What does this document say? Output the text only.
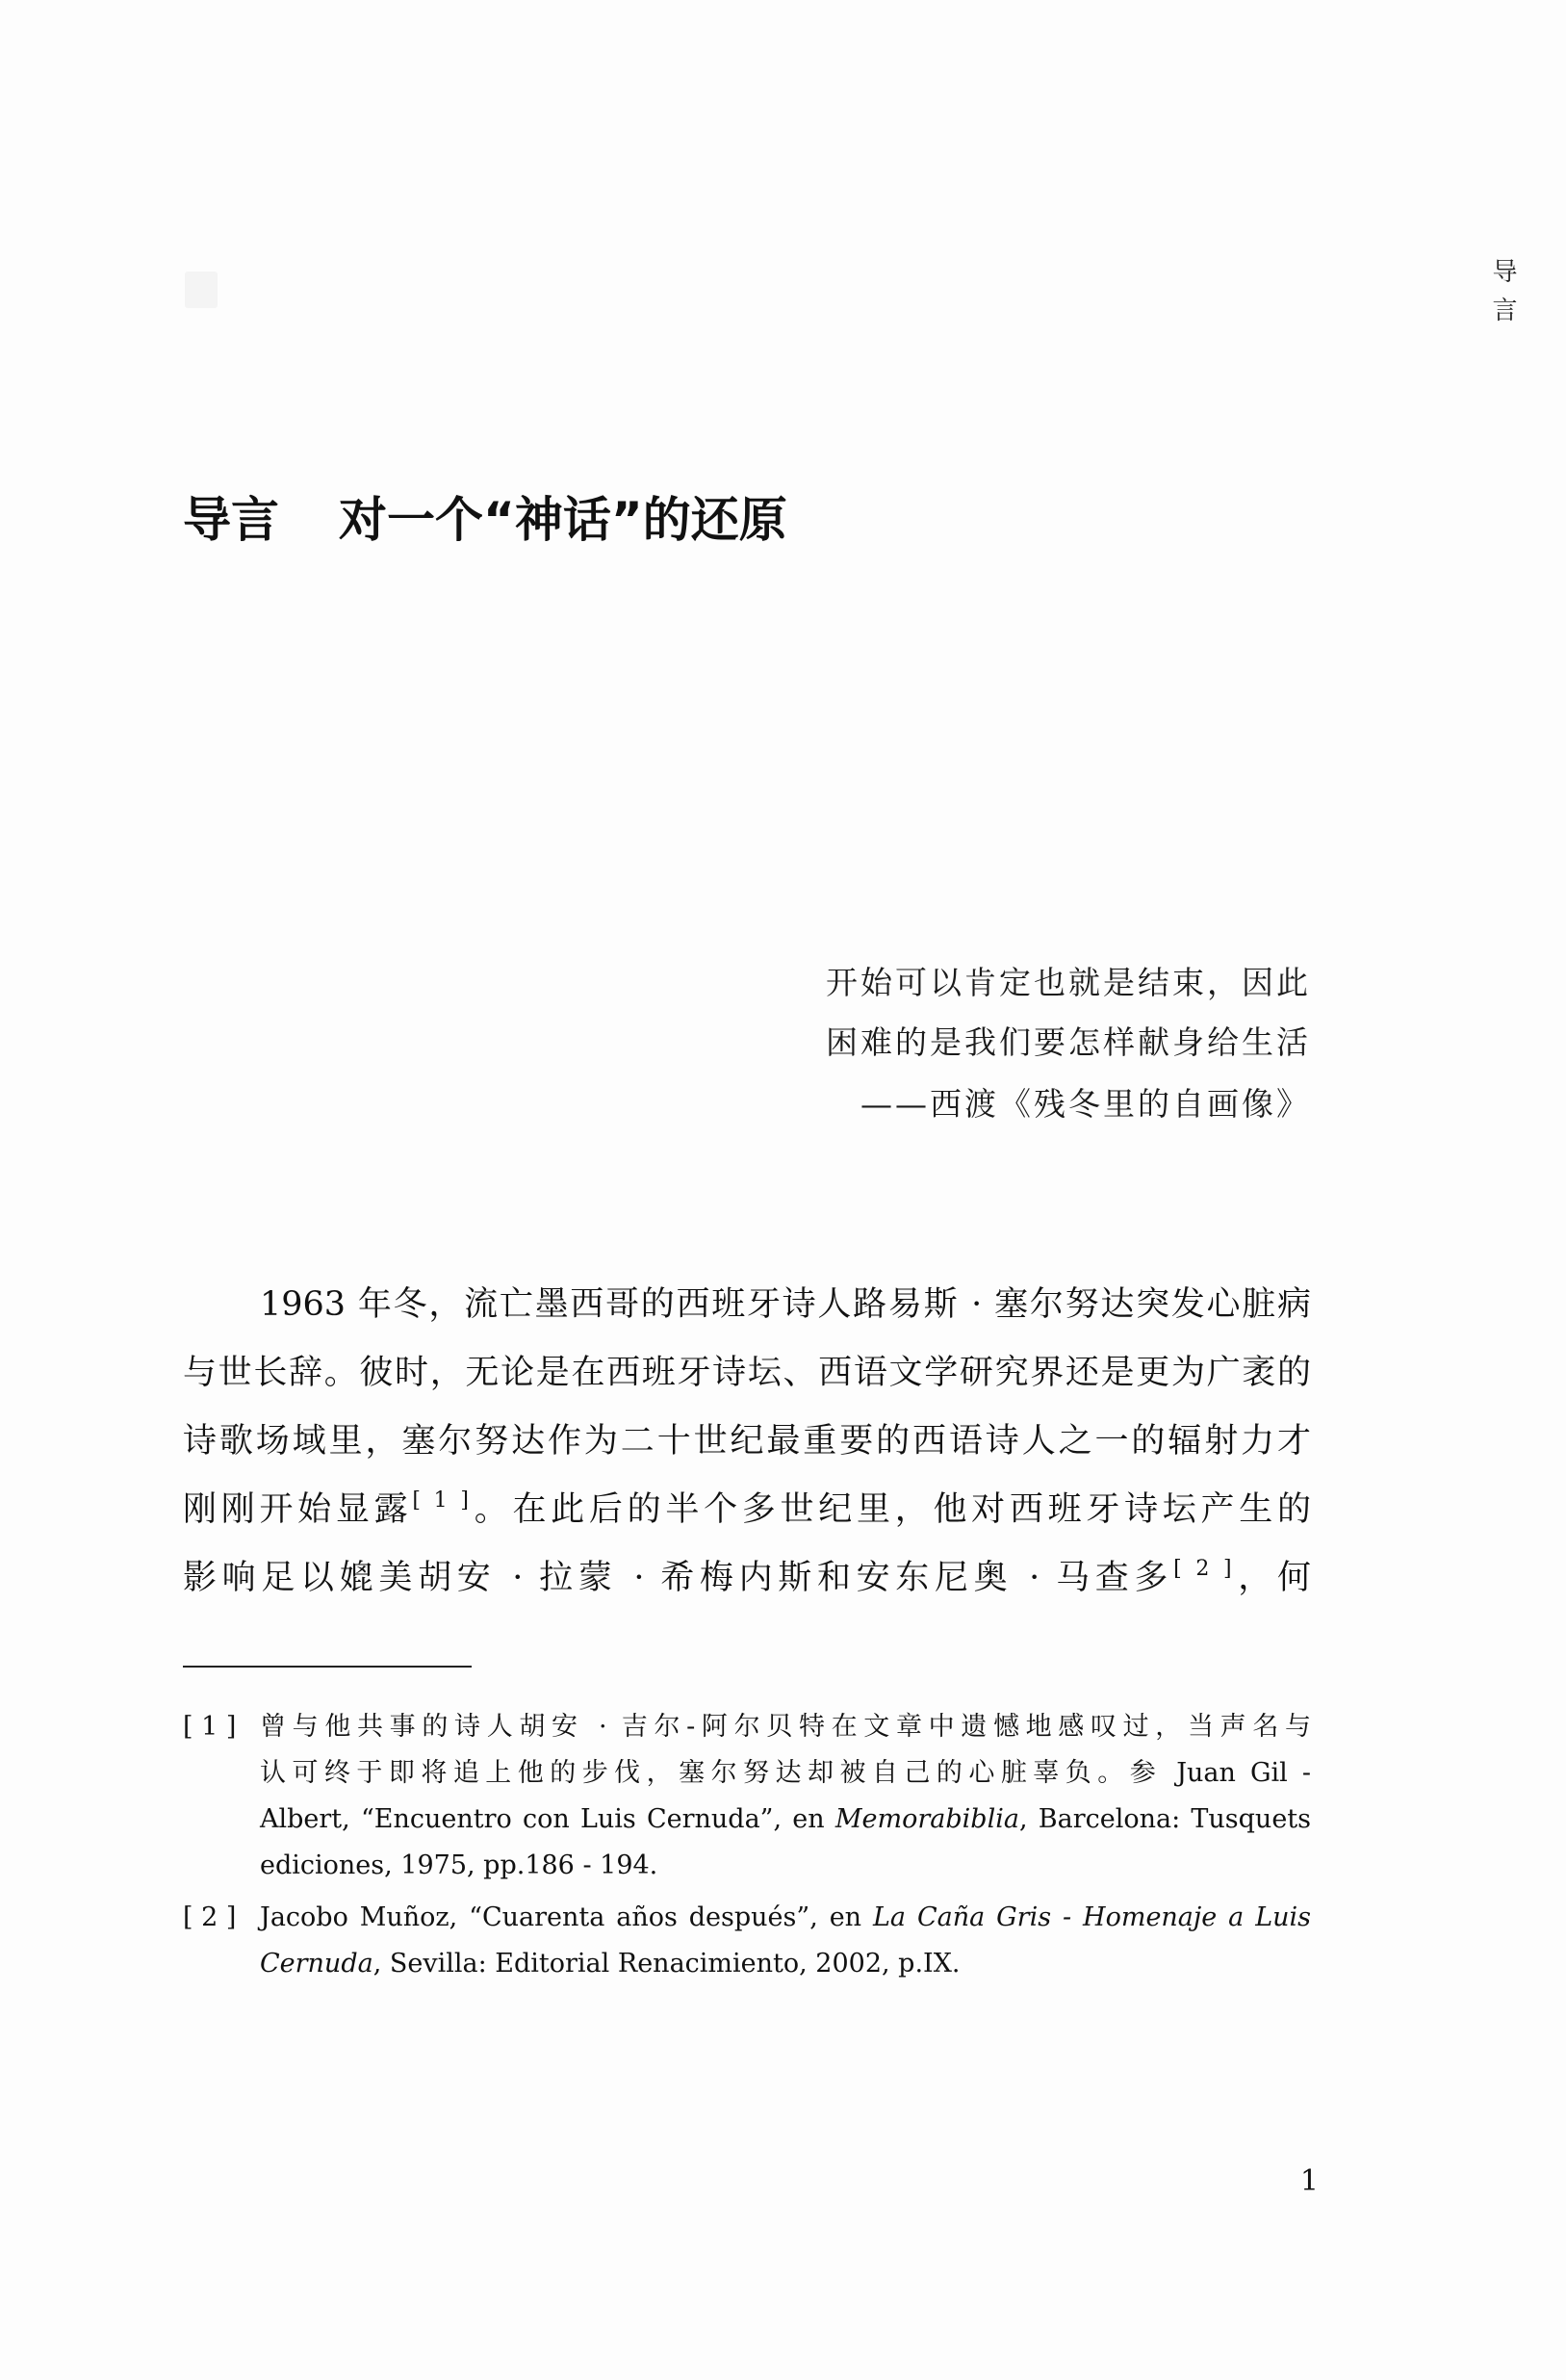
导言
导言 对一个“神话”的还原
开始可以肯定也就是结束，因此
困难的是我们要怎样献身给生活
——西渡《残冬里的自画像》
1963 年冬，流亡墨西哥的西班牙诗人路易斯 · 塞尔努达突发心脏病
与世长辞。彼时，无论是在西班牙诗坛、西语文学研究界还是更为广袤的
诗歌场域里，塞尔努达作为二十世纪最重要的西语诗人之一的辐射力才
刚刚开始显露[ 1 ]。在此后的半个多世纪里，他对西班牙诗坛产生的
影响足以媲美胡安 · 拉蒙 · 希梅内斯和安东尼奥 · 马查多[ 2 ]，何
[ 1 ] 曾与他共事的诗人胡安 · 吉尔-阿尔贝特在文章中遗憾地感叹过，当声名与
认可终于即将追上他的步伐，塞尔努达却被自己的心脏辜负。参 Juan Gil -
Albert, “Encuentro con Luis Cernuda”, en Memorabiblia, Barcelona: Tusquets
ediciones, 1975, pp.186 - 194.
[ 2 ] Jacobo Muñoz, “Cuarenta años después”, en La Caña Gris - Homenaje a Luis
Cernuda, Sevilla: Editorial Renacimiento, 2002, p.IX.
1
